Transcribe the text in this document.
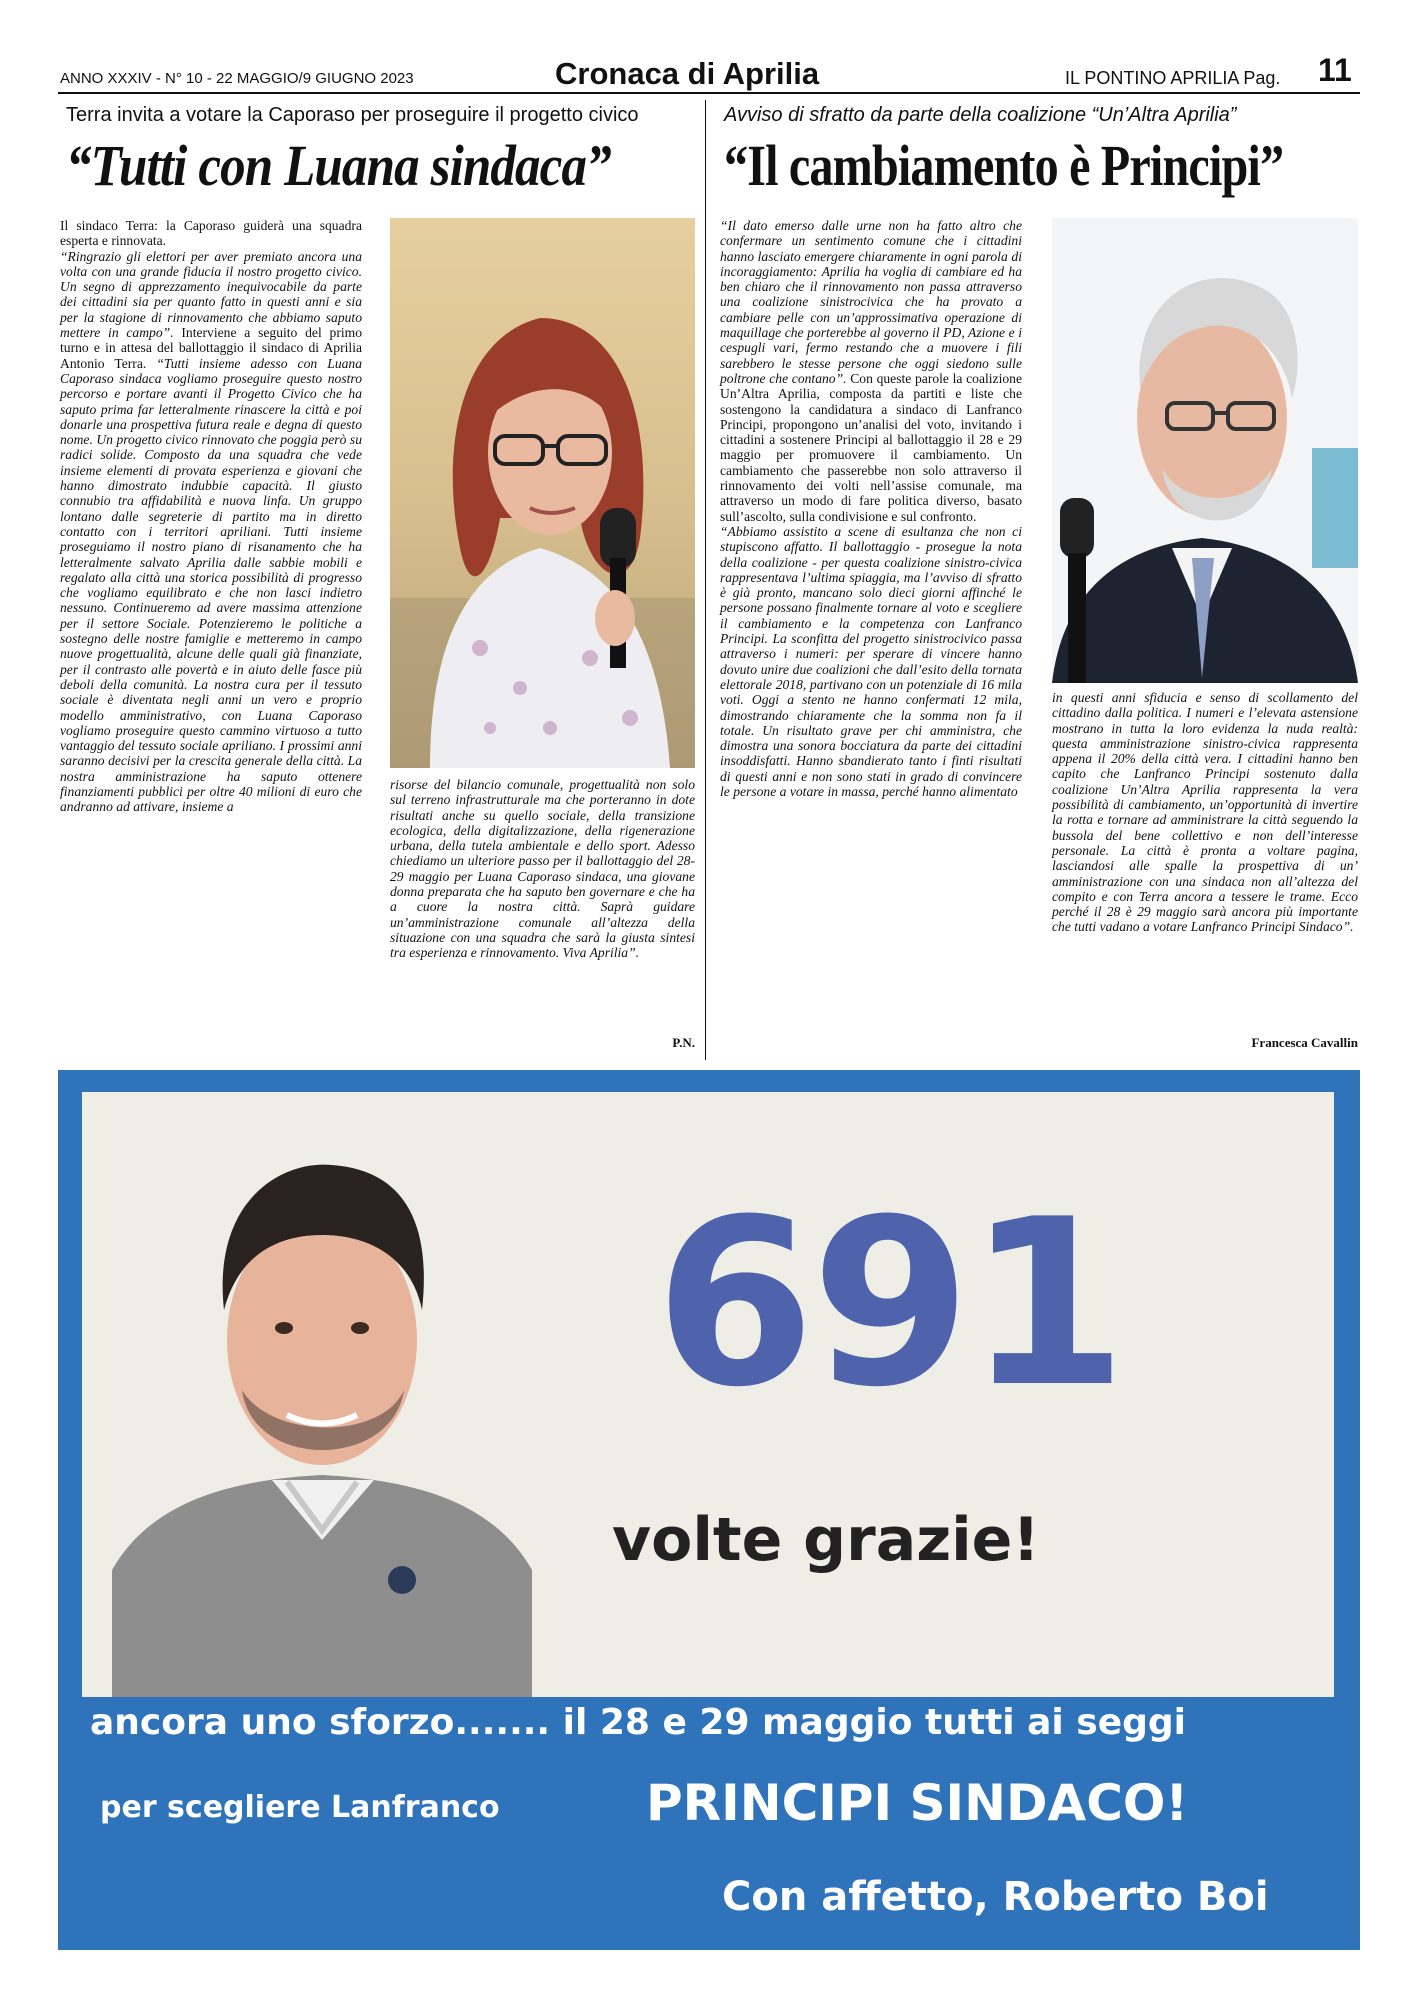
ANNO XXXIV - N° 10 - 22 MAGGIO/9 GIUGNO 2023	Cronaca di Aprilia	IL PONTINO APRILIA Pag. 11
Terra invita a votare la Caporaso per proseguire il progetto civico
“Tutti con Luana sindaca”

Il sindaco Terra: la Caporaso guiderà una squadra esperta e rinnovata.

“Ringrazio gli elettori per aver premiato ancora una volta con una grande fiducia il nostro progetto civico. Un segno di apprezzamento inequivocabile da parte dei cittadini sia per quanto fatto in questi anni e sia per la stagione di rinnovamento che abbiamo saputo mettere in campo”. Interviene a seguito del primo turno e in attesa del ballottaggio il sindaco di Aprilia Antonio Terra. “Tutti insieme adesso con Luana Caporaso sindaca vogliamo proseguire questo nostro percorso e portare avanti il Progetto Civico che ha saputo prima far letteralmente rinascere la città e poi donarle una prospettiva futura reale e degna di questo nome. Un progetto civico rinnovato che poggia però su radici solide. Composto da una squadra che vede insieme elementi di provata esperienza e giovani che hanno dimostrato indubbie capacità. Il giusto connubio tra affidabilità e nuova linfa. Un gruppo lontano dalle segreterie di partito ma in diretto contatto con i territori apriliani. Tutti insieme proseguiamo il nostro piano di risanamento che ha letteralmente salvato Aprilia dalle sabbie mobili e regalato alla città una storica possibilità di progresso che vogliamo equilibrato e che non lasci indietro nessuno. Continueremo ad avere massima attenzione per il settore Sociale. Potenzieremo le politiche a sostegno delle nostre famiglie e metteremo in campo nuove progettualità, alcune delle quali già finanziate, per il contrasto alle povertà e in aiuto delle fasce più deboli della comunità. La nostra cura per il tessuto sociale è diventata negli anni un vero e proprio modello amministrativo, con Luana Caporaso vogliamo proseguire questo cammino virtuoso a tutto vantaggio del tessuto sociale apriliano. I prossimi anni saranno decisivi per la crescita generale della città. La nostra amministrazione ha saputo ottenere finanziamenti pubblici per oltre 40 milioni di euro che andranno ad attivare, insieme a

risorse del bilancio comunale, progettualità non solo sul terreno infrastrutturale ma che porteranno in dote risultati anche su quello sociale, della transizione ecologica, della digitalizzazione, della rigenerazione urbana, della tutela ambientale e dello sport. Adesso chiediamo un ulteriore passo per il ballottaggio del 28-29 maggio per Luana Caporaso sindaca, una giovane donna preparata che ha saputo ben governare e che ha a cuore la nostra città. Saprà guidare un’amministrazione comunale all’altezza della situazione con una squadra che sarà la giusta sintesi tra esperienza e rinnovamento. Viva Aprilia”.
P.N.
Avviso di sfratto da parte della coalizione “Un’Altra Aprilia”
“Il cambiamento è Principi”

“Il dato emerso dalle urne non ha fatto altro che confermare un sentimento comune che i cittadini hanno lasciato emergere chiaramente in ogni parola di incoraggiamento: Aprilia ha voglia di cambiare ed ha ben chiaro che il rinnovamento non passa attraverso una coalizione sinistrocivica che ha provato a cambiare pelle con un’approssimativa operazione di maquillage che porterebbe al governo il PD, Azione e i cespugli vari, fermo restando che a muovere i fili sarebbero le stesse persone che oggi siedono sulle poltrone che contano”. Con queste parole la coalizione Un’Altra Aprilia, composta da partiti e liste che sostengono la candidatura a sindaco di Lanfranco Principi, propongono un’analisi del voto, invitando i cittadini a sostenere Principi al ballottaggio il 28 e 29 maggio per promuovere il cambiamento. Un cambiamento che passerebbe non solo attraverso il rinnovamento dei volti nell’assise comunale, ma attraverso un modo di fare politica diverso, basato sull’ascolto, sulla condivisione e sul confronto.

“Abbiamo assistito a scene di esultanza che non ci stupiscono affatto. Il ballottaggio - prosegue la nota della coalizione - per questa coalizione sinistro-civica rappresentava l’ultima spiaggia, ma l’avviso di sfratto è già pronto, mancano solo dieci giorni affinché le persone possano finalmente tornare al voto e scegliere il cambiamento e la competenza con Lanfranco Principi. La sconfitta del progetto sinistrocivico passa attraverso i numeri: per sperare di vincere hanno dovuto unire due coalizioni che dall’esito della tornata elettorale 2018, partivano con un potenziale di 16 mila voti. Oggi a stento ne hanno confermati 12 mila, dimostrando chiaramente che la somma non fa il totale. Un risultato grave per chi amministra, che dimostra una sonora bocciatura da parte dei cittadini insoddisfatti. Hanno sbandierato tanto i finti risultati di questi anni e non sono stati in grado di convincere le persone a votare in massa, perché hanno alimentato

in questi anni sfiducia e senso di scollamento del cittadino dalla politica. I numeri e l’elevata astensione mostrano in tutta la loro evidenza la nuda realtà: questa amministrazione sinistro-civica rappresenta appena il 20% della città vera. I cittadini hanno ben capito che Lanfranco Principi sostenuto dalla coalizione Un’Altra Aprilia rappresenta la vera possibilità di cambiamento, un’opportunità di invertire la rotta e tornare ad amministrare la città seguendo la bussola del bene collettivo e non dell’interesse personale. La città è pronta a voltare pagina, lasciandosi alle spalle la prospettiva di un’ amministrazione con una sindaca non all’altezza del compito e con Terra ancora a tessere le trame. Ecco perché il 28 è 29 maggio sarà ancora più importante che tutti vadano a votare Lanfranco Principi Sindaco”.
Francesca Cavallin
PROPAGANDA ELETTORALE - COMMITTENTE: IL CANDIDATO	691
volte grazie!
ancora uno sforzo....... il 28 e 29 maggio tutti ai seggi
per scegliere Lanfranco	PRINCIPI SINDACO!
Con affetto, Roberto Boi
